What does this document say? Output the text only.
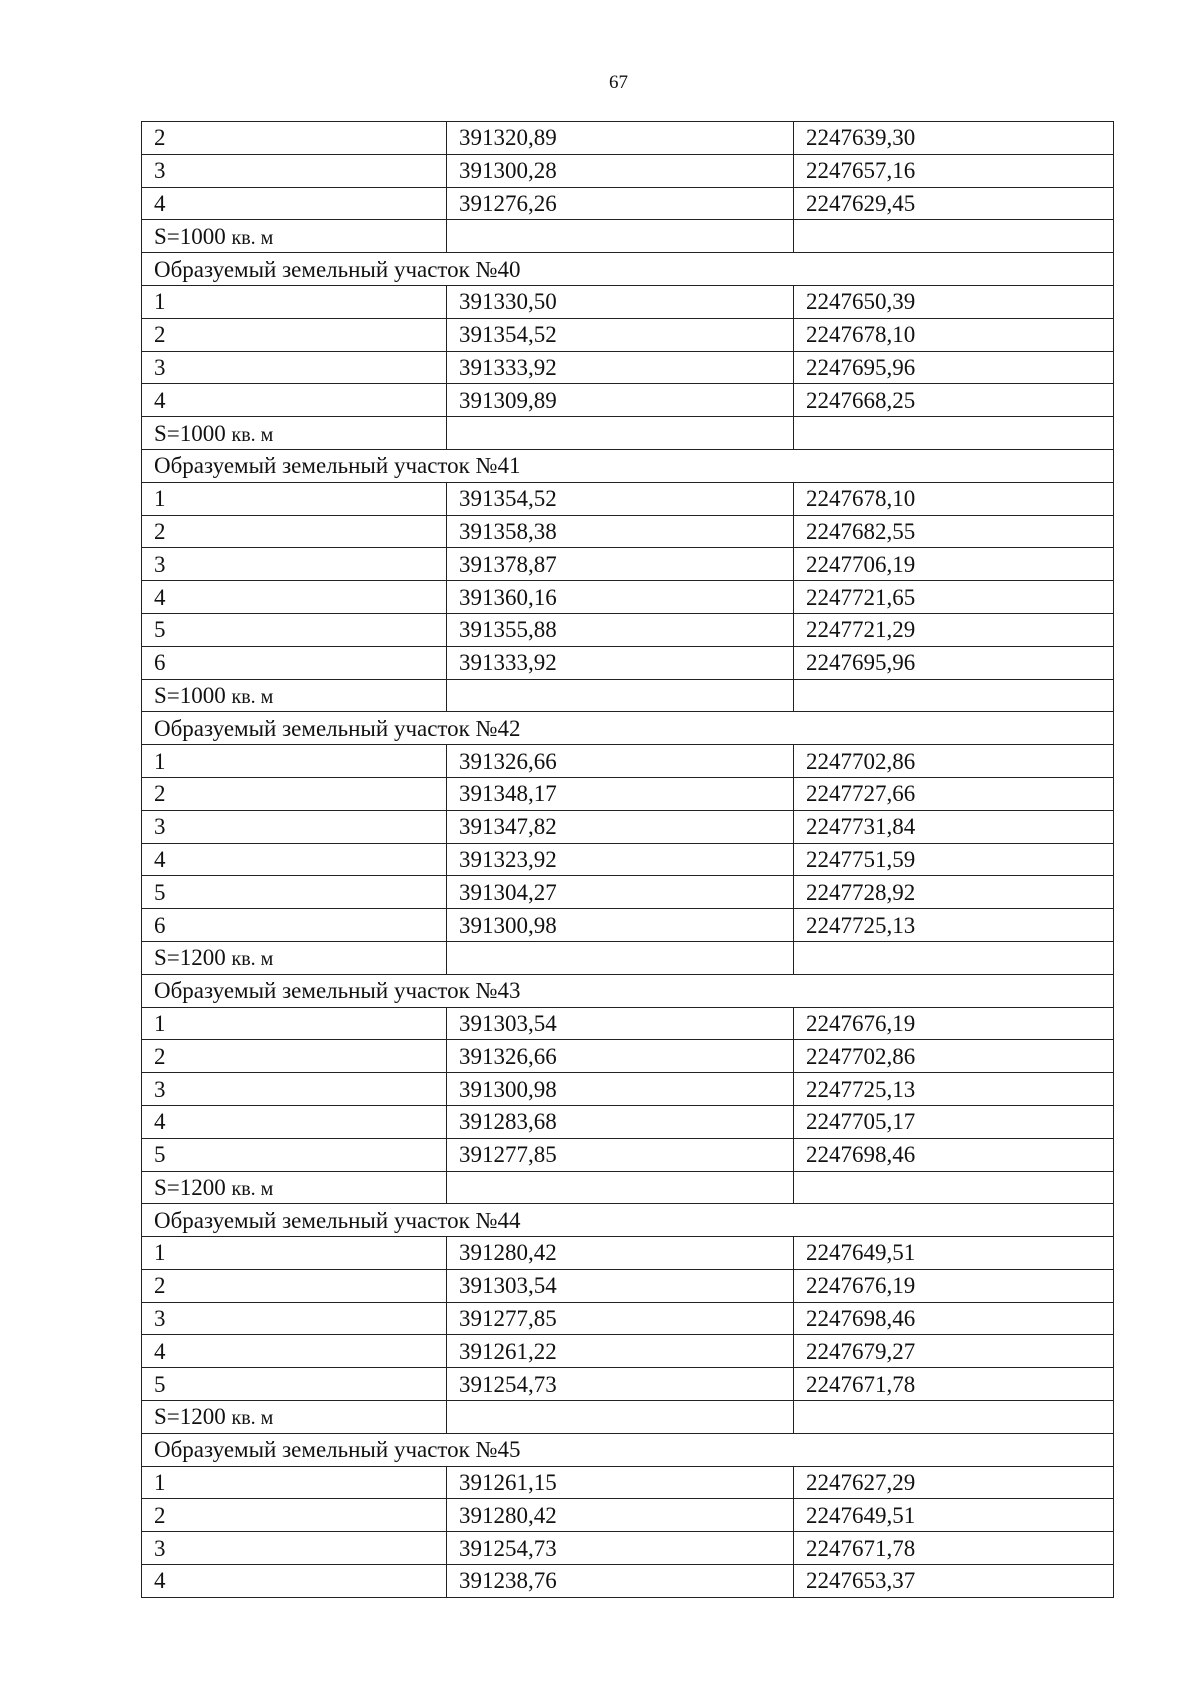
67
2	391320,89	2247639,30
3	391300,28	2247657,16
4	391276,26	2247629,45
S=1000 кв. м		
Образуемый земельный участок №40		
1	391330,50	2247650,39
2	391354,52	2247678,10
3	391333,92	2247695,96
4	391309,89	2247668,25
S=1000 кв. м		
Образуемый земельный участок №41		
1	391354,52	2247678,10
2	391358,38	2247682,55
3	391378,87	2247706,19
4	391360,16	2247721,65
5	391355,88	2247721,29
6	391333,92	2247695,96
S=1000 кв. м		
Образуемый земельный участок №42		
1	391326,66	2247702,86
2	391348,17	2247727,66
3	391347,82	2247731,84
4	391323,92	2247751,59
5	391304,27	2247728,92
6	391300,98	2247725,13
S=1200 кв. м		
Образуемый земельный участок №43		
1	391303,54	2247676,19
2	391326,66	2247702,86
3	391300,98	2247725,13
4	391283,68	2247705,17
5	391277,85	2247698,46
S=1200 кв. м		
Образуемый земельный участок №44		
1	391280,42	2247649,51
2	391303,54	2247676,19
3	391277,85	2247698,46
4	391261,22	2247679,27
5	391254,73	2247671,78
S=1200 кв. м		
Образуемый земельный участок №45		
1	391261,15	2247627,29
2	391280,42	2247649,51
3	391254,73	2247671,78
4	391238,76	2247653,37
